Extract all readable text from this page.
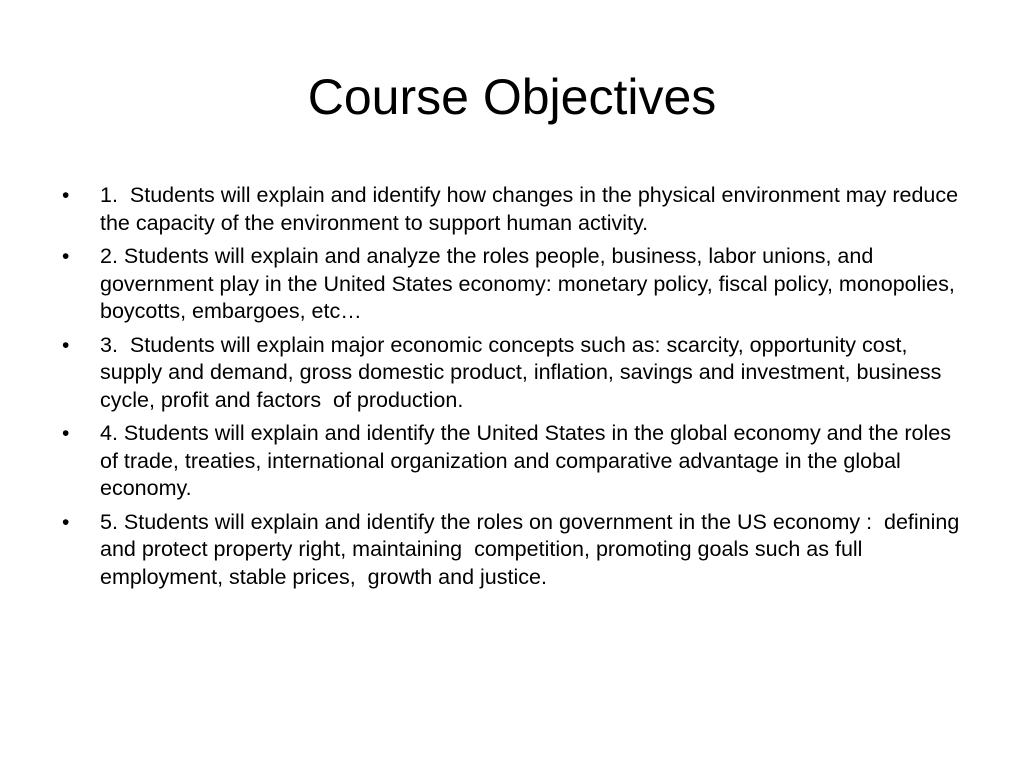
Course Objectives
•	1.  Students will explain and identify how changes in the physical environment may reduce the capacity of the environment to support human activity.
•	2. Students will explain and analyze the roles people, business, labor unions, and government play in the United States economy: monetary policy, fiscal policy, monopolies, boycotts, embargoes, etc…
•	3.  Students will explain major economic concepts such as: scarcity, opportunity cost, supply and demand, gross domestic product, inflation, savings and investment, business cycle, profit and factors  of production.
•	4. Students will explain and identify the United States in the global economy and the roles of trade, treaties, international organization and comparative advantage in the global economy.
•	5. Students will explain and identify the roles on government in the US economy :  defining and protect property right, maintaining  competition, promoting goals such as full employment, stable prices,  growth and justice.
